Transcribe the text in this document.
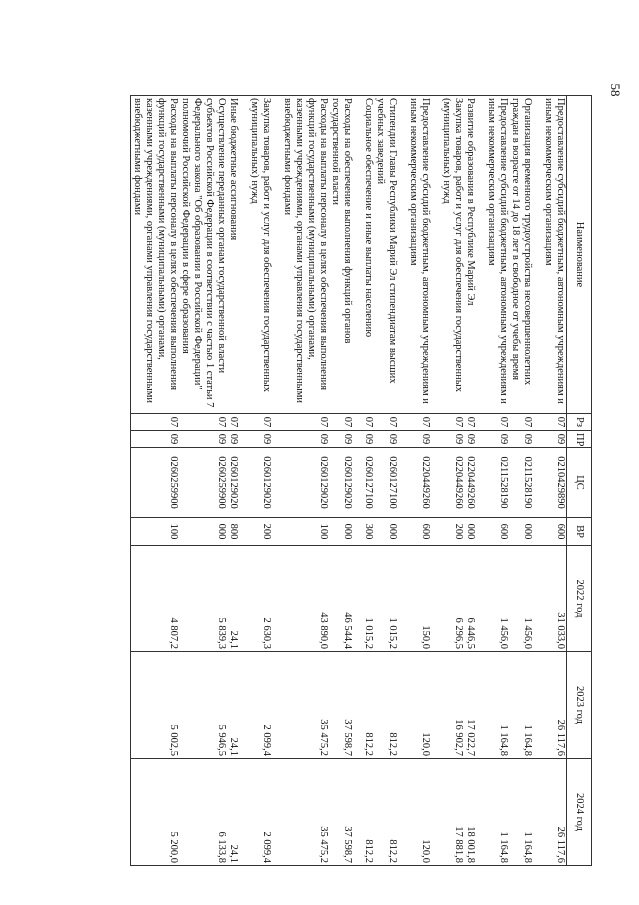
58
Наименование	Рз	ПР	ЦС	ВР	2022 год	2023 год	2024 год
Предоставление субсидий бюджетным, автономным учреждениям и иным некоммерческим организациям	07	09	0210429890	600	31 033,0	26 117,6	26 117,6
Организация временного трудоустройства несовершеннолетних граждан в возрасте от 14 до 18 лет в свободное от учебы время	07	09	0211528190	000	1 456,0	1 164,8	1 164,8
Предоставление субсидий бюджетным, автономным учреждениям и иным некоммерческим организациям	07	09	0211528190	600	1 456,0	1 164,8	1 164,8
Развитие образования в Республике Марий Эл	07	09	0220449260	000	6 446,5	17 022,7	18 001,8
Закупка товаров, работ и услуг для обеспечения государственных (муниципальных) нужд	07	09	0220449260	200	6 296,5	16 902,7	17 881,8
Предоставление субсидий бюджетным, автономным учреждениям и иным некоммерческим организациям	07	09	0220449260	600	150,0	120,0	120,0
Стипендии Главы Республики Марий Эл стипендиатам высших учебных заведений	07	09	0260127100	000	1 015,2	812,2	812,2
Социальное обеспечение и иные выплаты населению	07	09	0260127100	300	1 015,2	812,2	812,2
Расходы на обеспечение выполнения функций органов государственной власти	07	09	0260129020	000	46 544,4	37 598,7	37 598,7
Расходы на выплаты персоналу в целях обеспечения выполнения функций государственными (муниципальными) органами, казенными учреждениями, органами управления государственными внебюджетными фондами	07	09	0260129020	100	43 890,0	35 475,2	35 475,2
Закупка товаров, работ и услуг для обеспечения государственных (муниципальных) нужд	07	09	0260129020	200	2 630,3	2 099,4	2 099,4
Иные бюджетные ассигнования	07	09	0260129020	800	24,1	24,1	24,1
Осуществление переданных органам государственной власти субъектов Российской Федерации в соответствии с частью 1 статьи 7 Федерального закона "Об образовании в Российской Федерации" полномочий Российской Федерации в сфере образования	07	09	0260259900	000	5 839,3	5 946,5	6 133,8
Расходы на выплаты персоналу в целях обеспечения выполнения функций государственными (муниципальными) органами, казенными учреждениями, органами управления государственными внебюджетными фондами	07	09	0260259900	100	4 807,2	5 002,5	5 200,0
